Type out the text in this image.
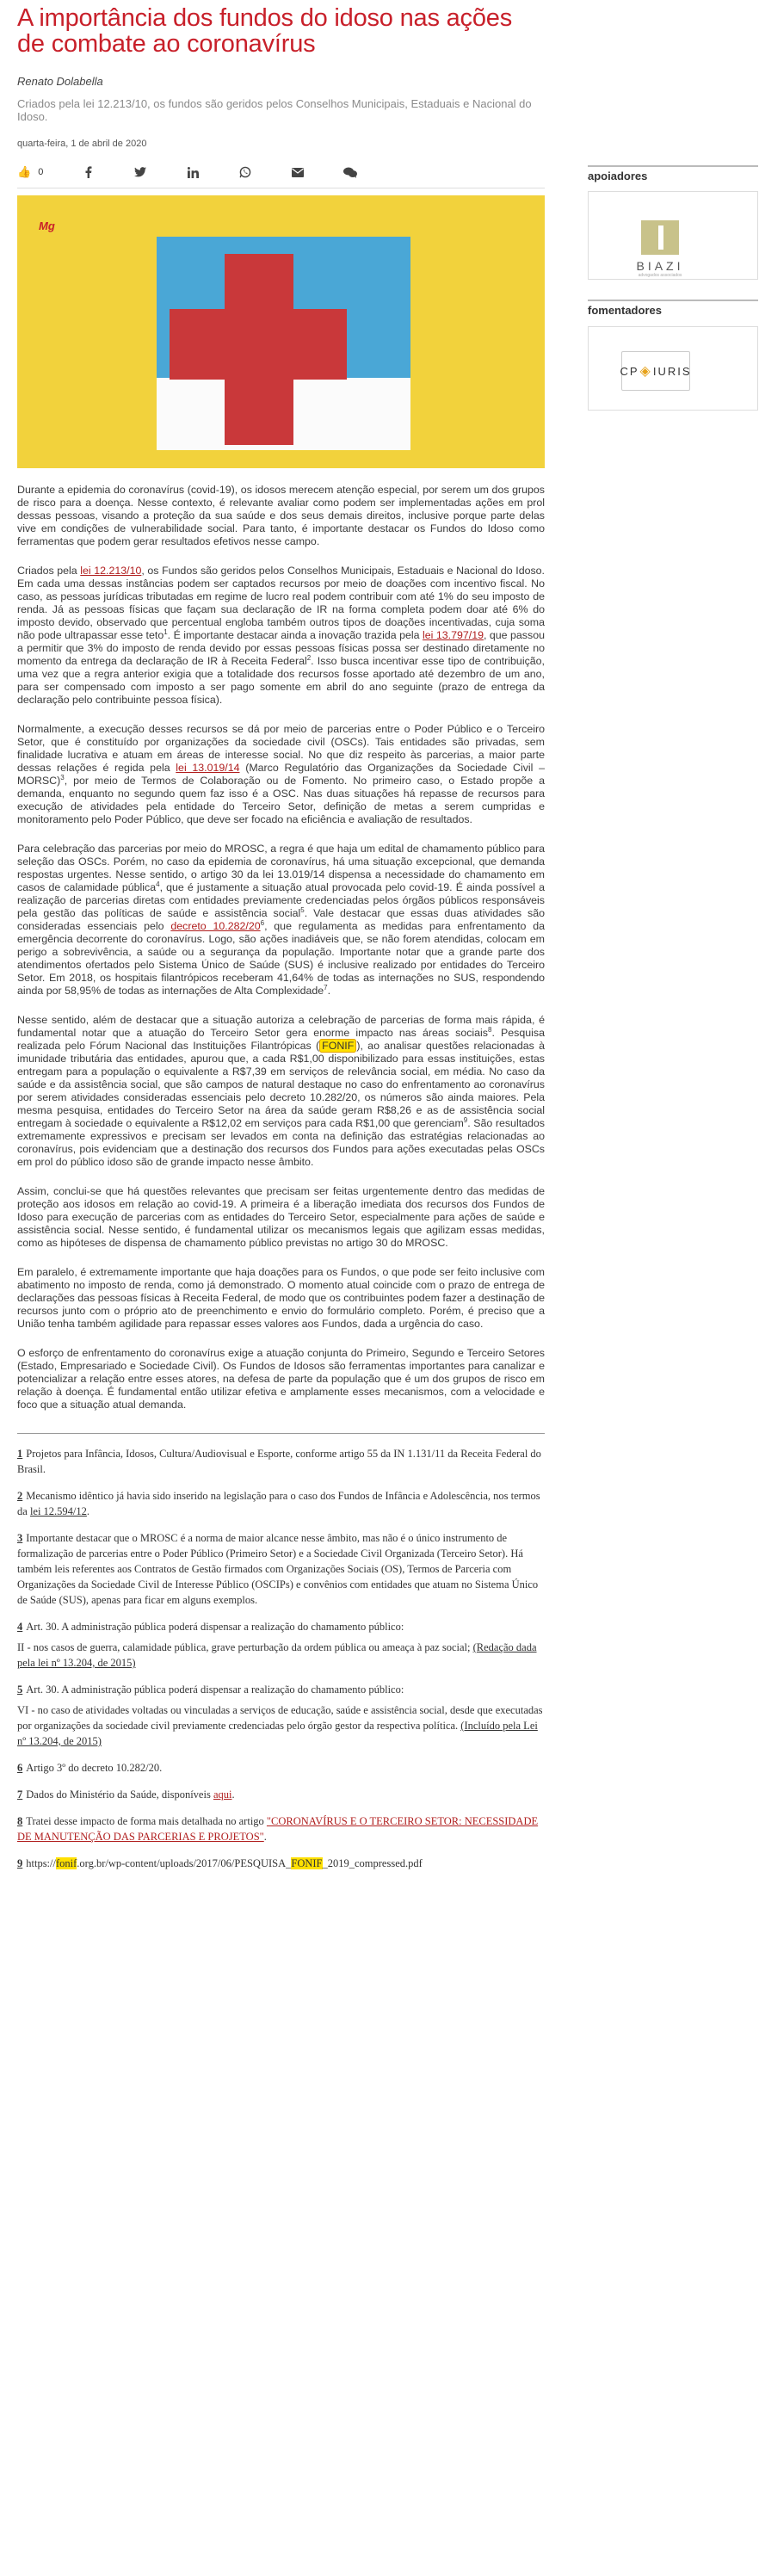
A importância dos fundos do idoso nas ações de combate ao coronavírus
Renato Dolabella
Criados pela lei 12.213/10, os fundos são geridos pelos Conselhos Municipais, Estaduais e Nacional do Idoso.
quarta-feira, 1 de abril de 2020
👍 0
Mg

Durante a epidemia do coronavírus (covid-19), os idosos merecem atenção especial, por serem um dos grupos de risco para a doença. Nesse contexto, é relevante avaliar como podem ser implementadas ações em prol dessas pessoas, visando a proteção da sua saúde e dos seus demais direitos, inclusive porque parte delas vive em condições de vulnerabilidade social. Para tanto, é importante destacar os Fundos do Idoso como ferramentas que podem gerar resultados efetivos nesse campo.

Criados pela lei 12.213/10, os Fundos são geridos pelos Conselhos Municipais, Estaduais e Nacional do Idoso. Em cada uma dessas instâncias podem ser captados recursos por meio de doações com incentivo fiscal. No caso, as pessoas jurídicas tributadas em regime de lucro real podem contribuir com até 1% do seu imposto de renda. Já as pessoas físicas que façam sua declaração de IR na forma completa podem doar até 6% do imposto devido, observado que percentual engloba também outros tipos de doações incentivadas, cuja soma não pode ultrapassar esse teto$^1$. É importante destacar ainda a inovação trazida pela lei 13.797/19, que passou a permitir que 3% do imposto de renda devido por essas pessoas físicas possa ser destinado diretamente no momento da entrega da declaração de IR à Receita Federal$^2$. Isso busca incentivar esse tipo de contribuição, uma vez que a regra anterior exigia que a totalidade dos recursos fosse aportado até dezembro de um ano, para ser compensado com imposto a ser pago somente em abril do ano seguinte (prazo de entrega da declaração pelo contribuinte pessoa física).

Normalmente, a execução desses recursos se dá por meio de parcerias entre o Poder Público e o Terceiro Setor, que é constituído por organizações da sociedade civil (OSCs). Tais entidades são privadas, sem finalidade lucrativa e atuam em áreas de interesse social. No que diz respeito às parcerias, a maior parte dessas relações é regida pela lei 13.019/14 (Marco Regulatório das Organizações da Sociedade Civil – MORSC)$^3$, por meio de Termos de Colaboração ou de Fomento. No primeiro caso, o Estado propõe a demanda, enquanto no segundo quem faz isso é a OSC. Nas duas situações há repasse de recursos para execução de atividades pela entidade do Terceiro Setor, definição de metas a serem cumpridas e monitoramento pelo Poder Público, que deve ser focado na eficiência e avaliação de resultados.

Para celebração das parcerias por meio do MROSC, a regra é que haja um edital de chamamento público para seleção das OSCs. Porém, no caso da epidemia de coronavírus, há uma situação excepcional, que demanda respostas urgentes. Nesse sentido, o artigo 30 da lei 13.019/14 dispensa a necessidade do chamamento em casos de calamidade pública$^4$, que é justamente a situação atual provocada pelo covid-19. É ainda possível a realização de parcerias diretas com entidades previamente credenciadas pelos órgãos públicos responsáveis pela gestão das políticas de saúde e assistência social$^5$. Vale destacar que essas duas atividades são consideradas essenciais pelo decreto $10.282/20^6$, que regulamenta as medidas para enfrentamento da emergência decorrente do coronavírus. Logo, são ações inadiáveis que, se não forem atendidas, colocam em perigo a sobrevivência, a saúde ou a segurança da população. Importante notar que a grande parte dos atendimentos ofertados pelo Sistema Único de Saúde (SUS) é inclusive realizado por entidades do Terceiro Setor. Em 2018, os hospitais filantrópicos receberam 41,64% de todas as internações no SUS, respondendo ainda por 58,95% de todas as internações de Alta Complexidade$^7$.

Nesse sentido, além de destacar que a situação autoriza a celebração de parcerias de forma mais rápida, é fundamental notar que a atuação do Terceiro Setor gera enorme impacto nas áreas sociais$^8$. Pesquisa realizada pelo Fórum Nacional das Instituições Filantrópicas ( FONIF ), ao analisar questões relacionadas à imunidade tributária das entidades, apurou que, a cada R$1,00 disponibilizado para essas instituições, estas entregam para a população o equivalente a R$7,39 em serviços de relevância social, em média. No caso da saúde e da assistência social, que são campos de natural destaque no caso do enfrentamento ao coronavírus por serem atividades consideradas essenciais pelo decreto 10.282/20, os números são ainda maiores. Pela mesma pesquisa, entidades do Terceiro Setor na área da saúde geram R$8,26 e as de assistência social entregam à sociedade o equivalente a R$12,02 em serviços para cada R$1,00 que gerenciam$^9$. São resultados extremamente expressivos e precisam ser levados em conta na definição das estratégias relacionadas ao coronavírus, pois evidenciam que a destinação dos recursos dos Fundos para ações executadas pelas OSCs em prol do público idoso são de grande impacto nesse âmbito.

Assim, conclui-se que há questões relevantes que precisam ser feitas urgentemente dentro das medidas de proteção aos idosos em relação ao covid-19. A primeira é a liberação imediata dos recursos dos Fundos de Idoso para execução de parcerias com as entidades do Terceiro Setor, especialmente para ações de saúde e assistência social. Nesse sentido, é fundamental utilizar os mecanismos legais que agilizam essas medidas, como as hipóteses de dispensa de chamamento público previstas no artigo 30 do MROSC.

Em paralelo, é extremamente importante que haja doações para os Fundos, o que pode ser feito inclusive com abatimento no imposto de renda, como já demonstrado. O momento atual coincide com o prazo de entrega de declarações das pessoas físicas à Receita Federal, de modo que os contribuintes podem fazer a destinação de recursos junto com o próprio ato de preenchimento e envio do formulário completo. Porém, é preciso que a União tenha também agilidade para repassar esses valores aos Fundos, dada a urgência do caso.

O esforço de enfrentamento do coronavírus exige a atuação conjunta do Primeiro, Segundo e Terceiro Setores (Estado, Empresariado e Sociedade Civil). Os Fundos de Idosos são ferramentas importantes para canalizar e potencializar a relação entre esses atores, na defesa de parte da população que é um dos grupos de risco em relação à doença. É fundamental então utilizar efetiva e amplamente esses mecanismos, com a velocidade e foco que a situação atual demanda.

1 Projetos para Infância, Idosos, Cultura/Audiovisual e Esporte, conforme artigo 55 da IN 1.131/11 da Receita Federal do Brasil.

2 Mecanismo idêntico já havia sido inserido na legislação para o caso dos Fundos de Infância e Adolescência, nos termos da lei 12.594/12.

3 Importante destacar que o MROSC é a norma de maior alcance nesse âmbito, mas não é o único instrumento de formalização de parcerias entre o Poder Público (Primeiro Setor) e a Sociedade Civil Organizada (Terceiro Setor). Há também leis referentes aos Contratos de Gestão firmados com Organizações Sociais (OS), Termos de Parceria com Organizações da Sociedade Civil de Interesse Público (OSCIPs) e convênios com entidades que atuam no Sistema Único de Saúde (SUS), apenas para ficar em alguns exemplos.

4 Art. 30. A administração pública poderá dispensar a realização do chamamento público:

II - nos casos de guerra, calamidade pública, grave perturbação da ordem pública ou ameaça à paz social; (Redação dada pela lei nº 13.204, de 2015)

5 Art. 30. A administração pública poderá dispensar a realização do chamamento público:

VI - no caso de atividades voltadas ou vinculadas a serviços de educação, saúde e assistência social, desde que executadas por organizações da sociedade civil previamente credenciadas pelo órgão gestor da respectiva política. (Incluído pela Lei nº 13.204, de 2015)

6 Artigo 3º do decreto 10.282/20.

7 Dados do Ministério da Saúde, disponíveis aqui.

8 Tratei desse impacto de forma mais detalhada no artigo "CORONAVÍRUS E O TERCEIRO SETOR: NECESSIDADE DE MANUTENÇÃO DAS PARCERIAS E PROJETOS".

9 https://fonif.org.br/wp-content/uploads/2017/06/PESQUISA_FONIF_2019_compressed.pdf

apoiadores
BIAZI
advogados associados
fomentadores
CP ◈ IURIS
